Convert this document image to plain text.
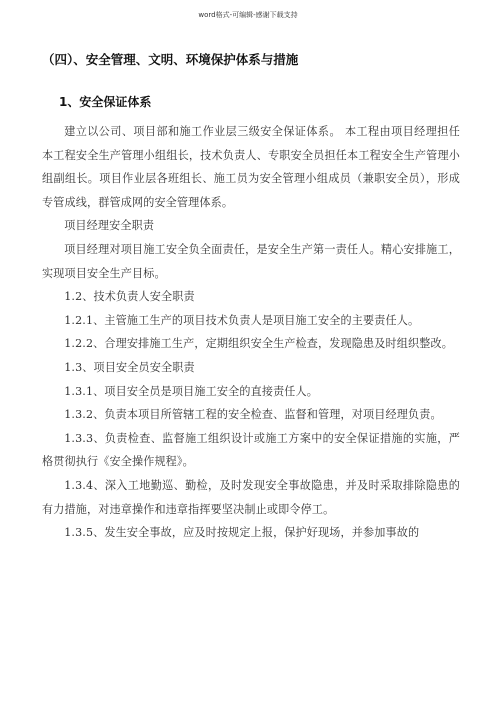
word格式-可编辑-感谢下载支持
（四）、安全管理、文明、环境保护体系与措施
1、安全保证体系

建立以公司、项目部和施工作业层三级安全保证体系。 本工程由项目经理担任本工程安全生产管理小组组长，技术负责人、专职安全员担任本工程安全生产管理小组副组长。项目作业层各班组长、施工员为安全管理小组成员（兼职安全员），形成专管成线，群管成网的安全管理体系。

项目经理安全职责

项目经理对项目施工安全负全面责任，是安全生产第一责任人。精心安排施工，实现项目安全生产目标。

1.2、技术负责人安全职责

1.2.1、主管施工生产的项目技术负责人是项目施工安全的主要责任人。

1.2.2、合理安排施工生产，定期组织安全生产检查，发现隐患及时组织整改。

1.3、项目安全员安全职责

1.3.1、项目安全员是项目施工安全的直接责任人。

1.3.2、负责本项目所管辖工程的安全检查、监督和管理，对项目经理负责。

1.3.3、负责检查、监督施工组织设计或施工方案中的安全保证措施的实施，严格贯彻执行《安全操作规程》。

1.3.4、深入工地勤巡、勤检，及时发现安全事故隐患，并及时采取排除隐患的有力措施，对违章操作和违章指挥要坚决制止或即令停工。

1.3.5、发生安全事故，应及时按规定上报，保护好现场，并参加事故的
